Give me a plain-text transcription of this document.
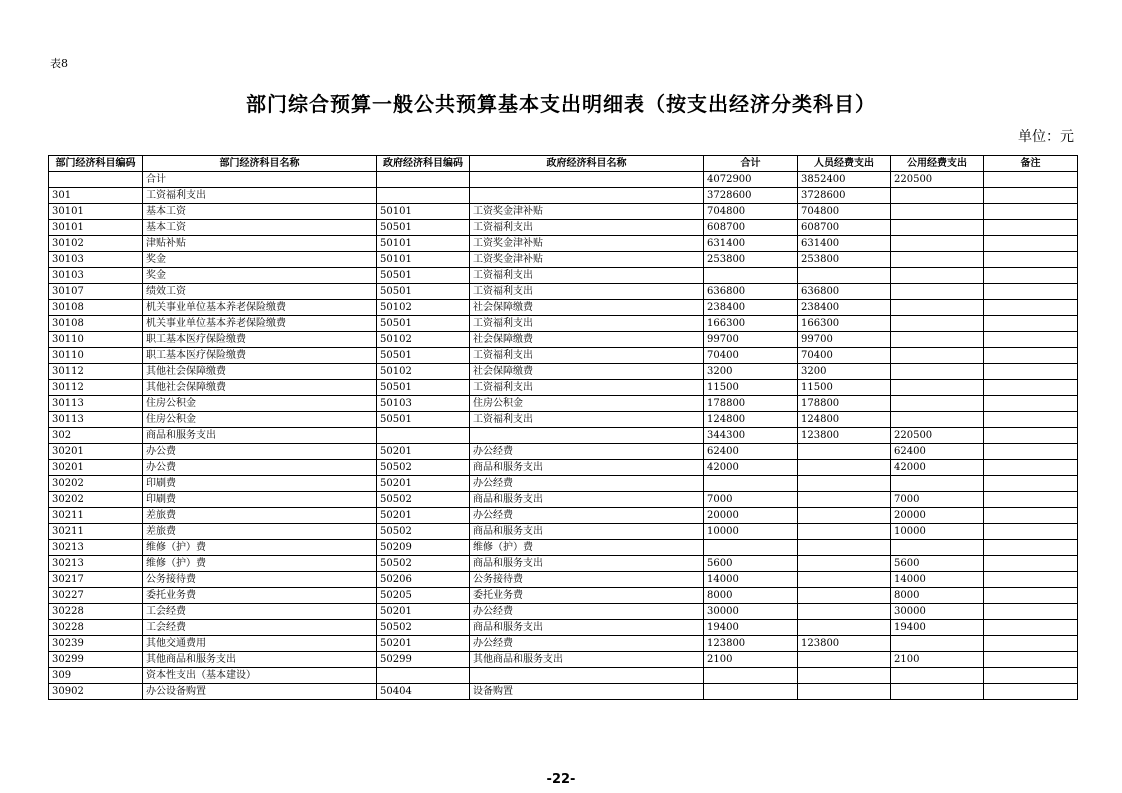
表8
部门综合预算一般公共预算基本支出明细表（按支出经济分类科目）
单位：元
部门经济科目编码	部门经济科目名称	政府经济科目编码	政府经济科目名称	合计	人员经费支出	公用经费支出	备注
	合计			4072900	3852400	220500	
301	工资福利支出			3728600	3728600		
30101	基本工资	50101	工资奖金津补贴	704800	704800		
30101	基本工资	50501	工资福利支出	608700	608700		
30102	津贴补贴	50101	工资奖金津补贴	631400	631400		
30103	奖金	50101	工资奖金津补贴	253800	253800		
30103	奖金	50501	工资福利支出				
30107	绩效工资	50501	工资福利支出	636800	636800		
30108	机关事业单位基本养老保险缴费	50102	社会保障缴费	238400	238400		
30108	机关事业单位基本养老保险缴费	50501	工资福利支出	166300	166300		
30110	职工基本医疗保险缴费	50102	社会保障缴费	99700	99700		
30110	职工基本医疗保险缴费	50501	工资福利支出	70400	70400		
30112	其他社会保障缴费	50102	社会保障缴费	3200	3200		
30112	其他社会保障缴费	50501	工资福利支出	11500	11500		
30113	住房公积金	50103	住房公积金	178800	178800		
30113	住房公积金	50501	工资福利支出	124800	124800		
302	商品和服务支出			344300	123800	220500	
30201	办公费	50201	办公经费	62400		62400	
30201	办公费	50502	商品和服务支出	42000		42000	
30202	印刷费	50201	办公经费				
30202	印刷费	50502	商品和服务支出	7000		7000	
30211	差旅费	50201	办公经费	20000		20000	
30211	差旅费	50502	商品和服务支出	10000		10000	
30213	维修（护）费	50209	维修（护）费				
30213	维修（护）费	50502	商品和服务支出	5600		5600	
30217	公务接待费	50206	公务接待费	14000		14000	
30227	委托业务费	50205	委托业务费	8000		8000	
30228	工会经费	50201	办公经费	30000		30000	
30228	工会经费	50502	商品和服务支出	19400		19400	
30239	其他交通费用	50201	办公经费	123800	123800		
30299	其他商品和服务支出	50299	其他商品和服务支出	2100		2100	
309	资本性支出（基本建设）						
30902	办公设备购置	50404	设备购置				
-22-
